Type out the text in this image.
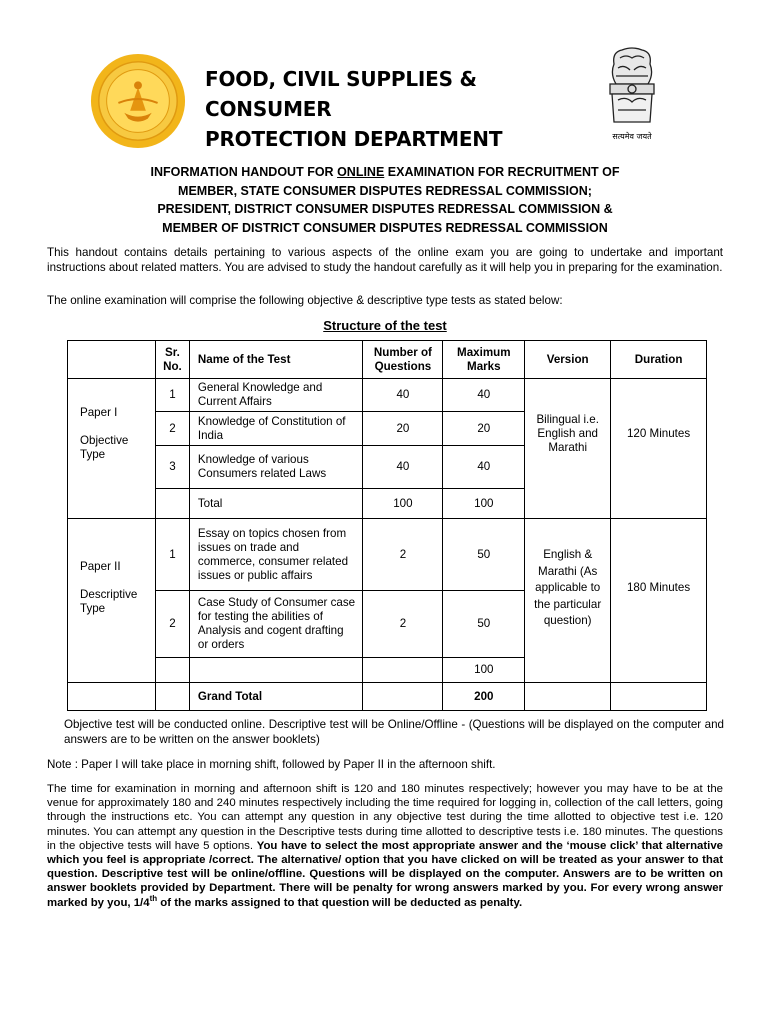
FOOD, CIVIL SUPPLIES & CONSUMER
PROTECTION DEPARTMENT	सत्यमेव जयते
INFORMATION HANDOUT FOR ONLINE EXAMINATION FOR RECRUITMENT OF
MEMBER, STATE CONSUMER DISPUTES REDRESSAL COMMISSION;
PRESIDENT, DISTRICT CONSUMER DISPUTES REDRESSAL COMMISSION &
MEMBER OF DISTRICT CONSUMER DISPUTES REDRESSAL COMMISSION
This handout contains details pertaining to various aspects of the online exam you are going to undertake and important instructions about related matters. You are advised to study the handout carefully as it will help you in preparing for the examination.
The online examination will comprise the following objective & descriptive type tests as stated below:
Structure of the test
	Sr. No.	Name of the Test	Number of Questions	Maximum Marks	Version	Duration

Paper I
Objective Type	1	General Knowledge and Current Affairs	40	40	Bilingual i.e. English and Marathi	120 Minutes
	2	Knowledge of Constitution of India	20	20		
	3	Knowledge of various Consumers related Laws	40	40		
		Total	100	100		

Paper II
Descriptive Type	1	Essay on topics chosen from issues on trade and commerce, consumer related issues or public affairs	2	50	English & Marathi (As applicable to the particular question)	180 Minutes
	2	Case Study of Consumer case for testing the abilities of Analysis and cogent drafting or orders	2	50		
				100		
		Grand Total		200		
Objective test will be conducted online. Descriptive test will be Online/Offline - (Questions will be displayed on the computer and answers are to be written on the answer booklets)
Note : Paper I will take place in morning shift, followed by Paper II in the afternoon shift.
The time for examination in morning and afternoon shift is 120 and 180 minutes respectively; however you may have to be at the venue for approximately 180 and 240 minutes respectively including the time required for logging in, collection of the call letters, going through the instructions etc. You can attempt any question in any objective test during the time allotted to objective test i.e. 120 minutes. You can attempt any question in the Descriptive tests during time allotted to descriptive tests i.e. 180 minutes. The questions in the objective tests will have 5 options. You have to select the most appropriate answer and the ‘mouse click’ that alternative which you feel is appropriate /correct. The alternative/ option that you have clicked on will be treated as your answer to that question. Descriptive test will be online/offline. Questions will be displayed on the computer. Answers are to be written on answer booklets provided by Department. There will be penalty for wrong answers marked by you. For every wrong answer marked by you, 1/4th of the marks assigned to that question will be deducted as penalty.
